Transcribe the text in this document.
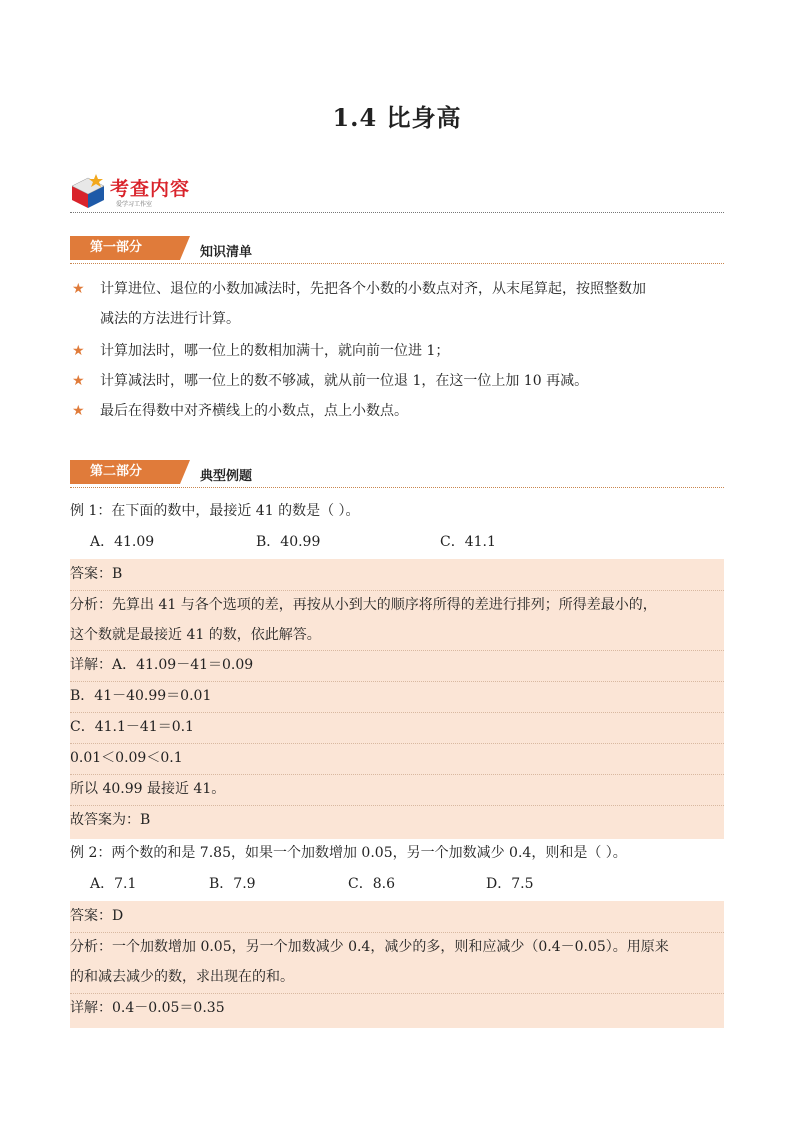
1.4 比身高
考查内容
爱学习工作室
第一部分	知识清单
★ 计算进位、退位的小数加减法时，先把各个小数的小数点对齐，从末尾算起，按照整数加
减法的方法进行计算。
★ 计算加法时，哪一位上的数相加满十，就向前一位进 1；
★ 计算减法时，哪一位上的数不够减，就从前一位退 1，在这一位上加 10 再减。
★ 最后在得数中对齐横线上的小数点，点上小数点。
第二部分	典型例题
例 1：在下面的数中，最接近 41 的数是（ ）。
A．41.09	B．40.99	C．41.1
答案：B
分析：先算出 41 与各个选项的差，再按从小到大的顺序将所得的差进行排列；所得差最小的，
这个数就是最接近 41 的数，依此解答。
详解：A．41.09－41＝0.09
B．41－40.99＝0.01
C．41.1－41＝0.1
0.01＜0.09＜0.1
所以 40.99 最接近 41。
故答案为：B
例 2：两个数的和是 7.85，如果一个加数增加 0.05，另一个加数减少 0.4，则和是（ ）。
A．7.1	B．7.9	C．8.6	D．7.5
答案：D
分析：一个加数增加 0.05，另一个加数减少 0.4，减少的多，则和应减少（0.4－0.05）。用原来
的和减去减少的数，求出现在的和。
详解：0.4－0.05＝0.35
